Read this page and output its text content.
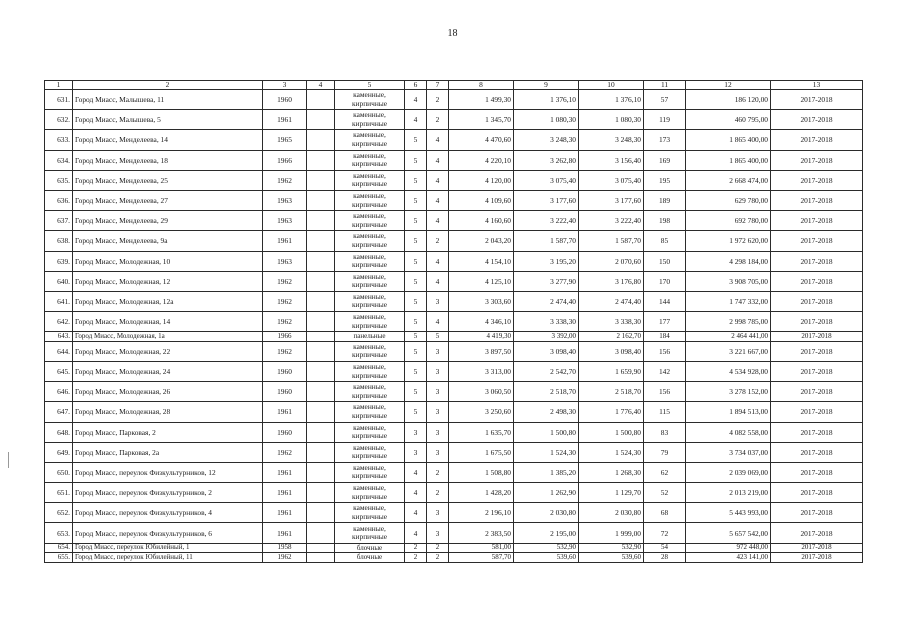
18
1	2	3	4	5	6	7	8	9	10	11	12	13
631.	Город Миасс, Малышева, 11	1960		каменные, кирпичные	4	2	1 499,30	1 376,10	1 376,10	57	186 120,00	2017-2018
632.	Город Миасс, Малышева, 5	1961		каменные, кирпичные	4	2	1 345,70	1 080,30	1 080,30	119	460 795,00	2017-2018
633.	Город Миасс, Менделеева, 14	1965		каменные, кирпичные	5	4	4 470,60	3 248,30	3 248,30	173	1 865 400,00	2017-2018
634.	Город Миасс, Менделеева, 18	1966		каменные, кирпичные	5	4	4 220,10	3 262,80	3 156,40	169	1 865 400,00	2017-2018
635.	Город Миасс, Менделеева, 25	1962		каменные, кирпичные	5	4	4 120,00	3 075,40	3 075,40	195	2 668 474,00	2017-2018
636.	Город Миасс, Менделеева, 27	1963		каменные, кирпичные	5	4	4 109,60	3 177,60	3 177,60	189	629 780,00	2017-2018
637.	Город Миасс, Менделеева, 29	1963		каменные, кирпичные	5	4	4 160,60	3 222,40	3 222,40	198	692 780,00	2017-2018
638.	Город Миасс, Менделеева, 9а	1961		каменные, кирпичные	5	2	2 043,20	1 587,70	1 587,70	85	1 972 620,00	2017-2018
639.	Город Миасс, Молодежная, 10	1963		каменные, кирпичные	5	4	4 154,10	3 195,20	2 070,60	150	4 298 184,00	2017-2018
640.	Город Миасс, Молодежная, 12	1962		каменные, кирпичные	5	4	4 125,10	3 277,90	3 176,80	170	3 908 705,00	2017-2018
641.	Город Миасс, Молодежная, 12а	1962		каменные, кирпичные	5	3	3 303,60	2 474,40	2 474,40	144	1 747 332,00	2017-2018
642.	Город Миасс, Молодежная, 14	1962		каменные, кирпичные	5	4	4 346,10	3 338,30	3 338,30	177	2 998 785,00	2017-2018
643.	Город Миасс, Молодежная, 1а	1966		панельные	5	5	4 419,30	3 392,00	2 162,70	184	2 464 441,00	2017-2018
644.	Город Миасс, Молодежная, 22	1962		каменные, кирпичные	5	3	3 897,50	3 098,40	3 098,40	156	3 221 667,00	2017-2018
645.	Город Миасс, Молодежная, 24	1960		каменные, кирпичные	5	3	3 313,00	2 542,70	1 659,90	142	4 534 928,00	2017-2018
646.	Город Миасс, Молодежная, 26	1960		каменные, кирпичные	5	3	3 060,50	2 518,70	2 518,70	156	3 278 152,00	2017-2018
647.	Город Миасс, Молодежная, 28	1961		каменные, кирпичные	5	3	3 250,60	2 498,30	1 776,40	115	1 894 513,00	2017-2018
648.	Город Миасс, Парковая, 2	1960		каменные, кирпичные	3	3	1 635,70	1 500,80	1 500,80	83	4 082 558,00	2017-2018
649.	Город Миасс, Парковая, 2а	1962		каменные, кирпичные	3	3	1 675,50	1 524,30	1 524,30	79	3 734 037,00	2017-2018
650.	Город Миасс, переулок Физкультурников, 12	1961		каменные, кирпичные	4	2	1 508,80	1 385,20	1 268,30	62	2 039 069,00	2017-2018
651.	Город Миасс, переулок Физкультурников, 2	1961		каменные, кирпичные	4	2	1 428,20	1 262,90	1 129,70	52	2 013 219,00	2017-2018
652.	Город Миасс, переулок Физкультурников, 4	1961		каменные, кирпичные	4	3	2 196,10	2 030,80	2 030,80	68	5 443 993,00	2017-2018
653.	Город Миасс, переулок Физкультурников, 6	1961		каменные, кирпичные	4	3	2 383,50	2 195,00	1 999,00	72	5 657 542,00	2017-2018
654.	Город Миасс, переулок Юбилейный, 1	1958		блочные	2	2	581,00	532,90	532,90	54	972 448,00	2017-2018
655.	Город Миасс, переулок Юбилейный, 11	1962		блочные	2	2	587,70	539,60	539,60	28	423 141,00	2017-2018
